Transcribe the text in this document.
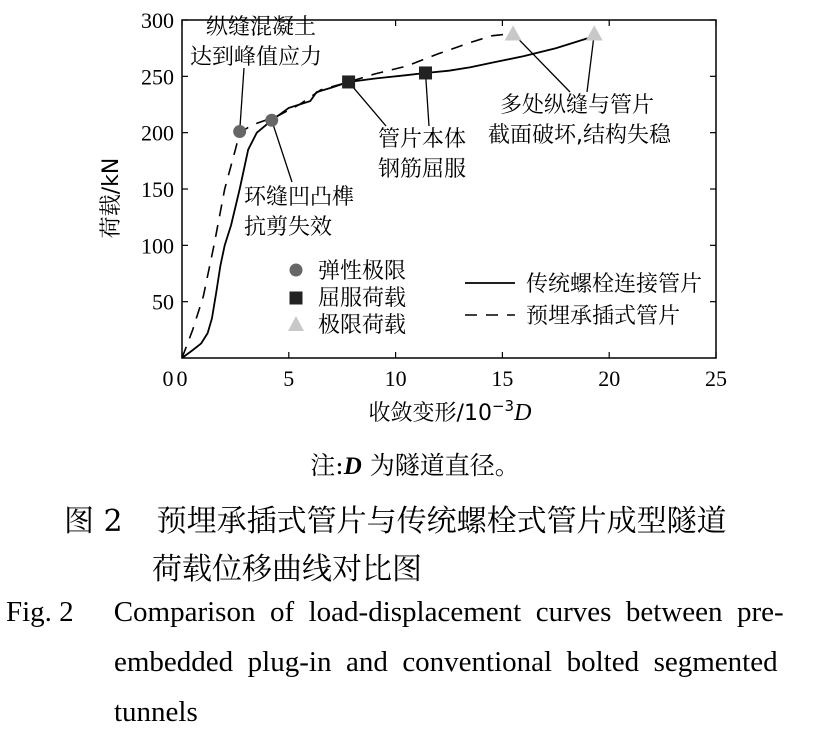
0	5	10	15	20	25
50
100
150
200
250
300
0
荷载/kN
收敛变形$/10^{-3}D$
纵缝混凝土
达到峰值应力
环缝凹凸榫
抗剪失效
管片本体
钢筋屈服
多处纵缝与管片
截面破坏,结构失稳
弹性极限
屈服荷载
极限荷载
传统螺栓连接管片
预埋承插式管片
注:D 为隧道直径。
图 2 预埋承插式管片与传统螺栓式管片成型隧道
荷载位移曲线对比图
Fig. 2 Comparison  of  load-displacement  curves  between  pre-
embedded  plug-in  and  conventional  bolted  segmented
tunnels
